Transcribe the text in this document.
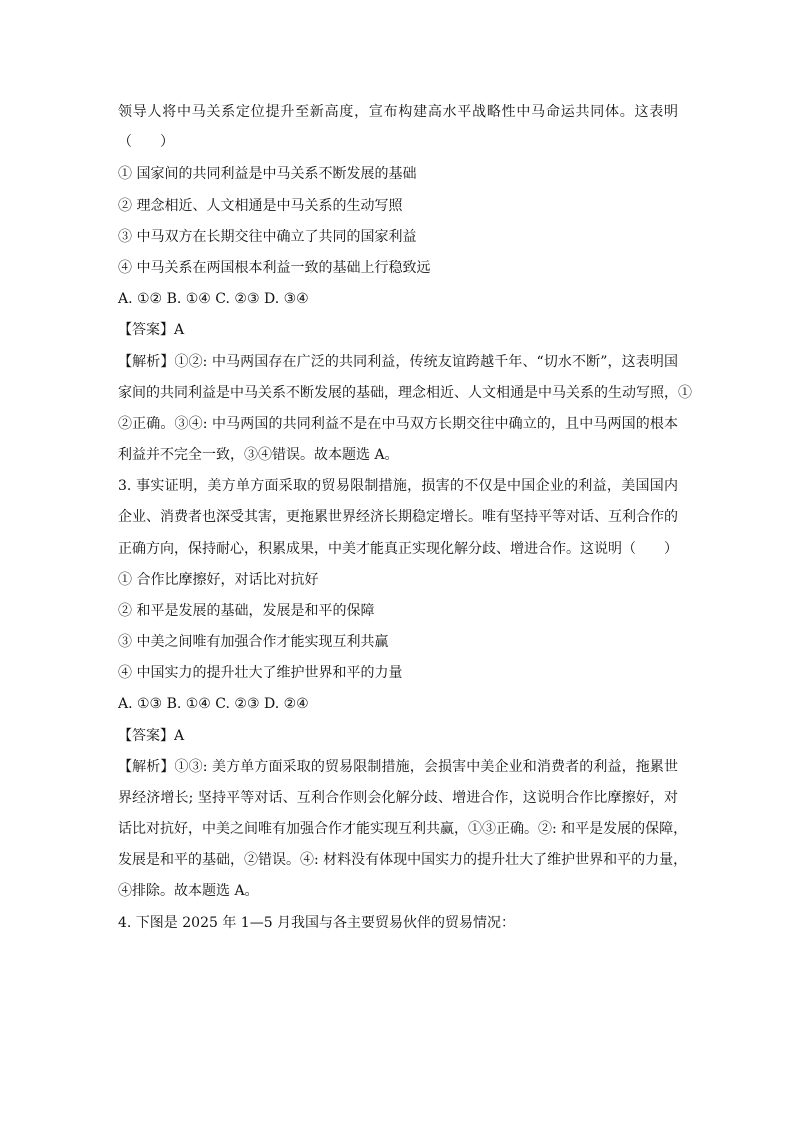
领导人将中马关系定位提升至新高度，宣布构建高水平战略性中马命运共同体。这表明
（　　）
① 国家间的共同利益是中马关系不断发展的基础
② 理念相近、人文相通是中马关系的生动写照
③ 中马双方在长期交往中确立了共同的国家利益
④ 中马关系在两国根本利益一致的基础上行稳致远
A. ①② B. ①④ C. ②③ D. ③④
【答案】A
【解析】①②: 中马两国存在广泛的共同利益，传统友谊跨越千年、“切水不断”，这表明国
家间的共同利益是中马关系不断发展的基础，理念相近、人文相通是中马关系的生动写照，①
②正确。③④: 中马两国的共同利益不是在中马双方长期交往中确立的，且中马两国的根本
利益并不完全一致，③④错误。故本题选 A。
3. 事实证明，美方单方面采取的贸易限制措施，损害的不仅是中国企业的利益，美国国内
企业、消费者也深受其害，更拖累世界经济长期稳定增长。唯有坚持平等对话、互利合作的
正确方向，保持耐心，积累成果，中美才能真正实现化解分歧、增进合作。这说明（　　）
① 合作比摩擦好，对话比对抗好
② 和平是发展的基础，发展是和平的保障
③ 中美之间唯有加强合作才能实现互利共赢
④ 中国实力的提升壮大了维护世界和平的力量
A. ①③ B. ①④ C. ②③ D. ②④
【答案】A
【解析】①③: 美方单方面采取的贸易限制措施，会损害中美企业和消费者的利益，拖累世
界经济增长; 坚持平等对话、互利合作则会化解分歧、增进合作，这说明合作比摩擦好，对
话比对抗好，中美之间唯有加强合作才能实现互利共赢，①③正确。②: 和平是发展的保障，
发展是和平的基础，②错误。④: 材料没有体现中国实力的提升壮大了维护世界和平的力量，
④排除。故本题选 A。
4. 下图是 2025 年 1—5 月我国与各主要贸易伙伴的贸易情况：
